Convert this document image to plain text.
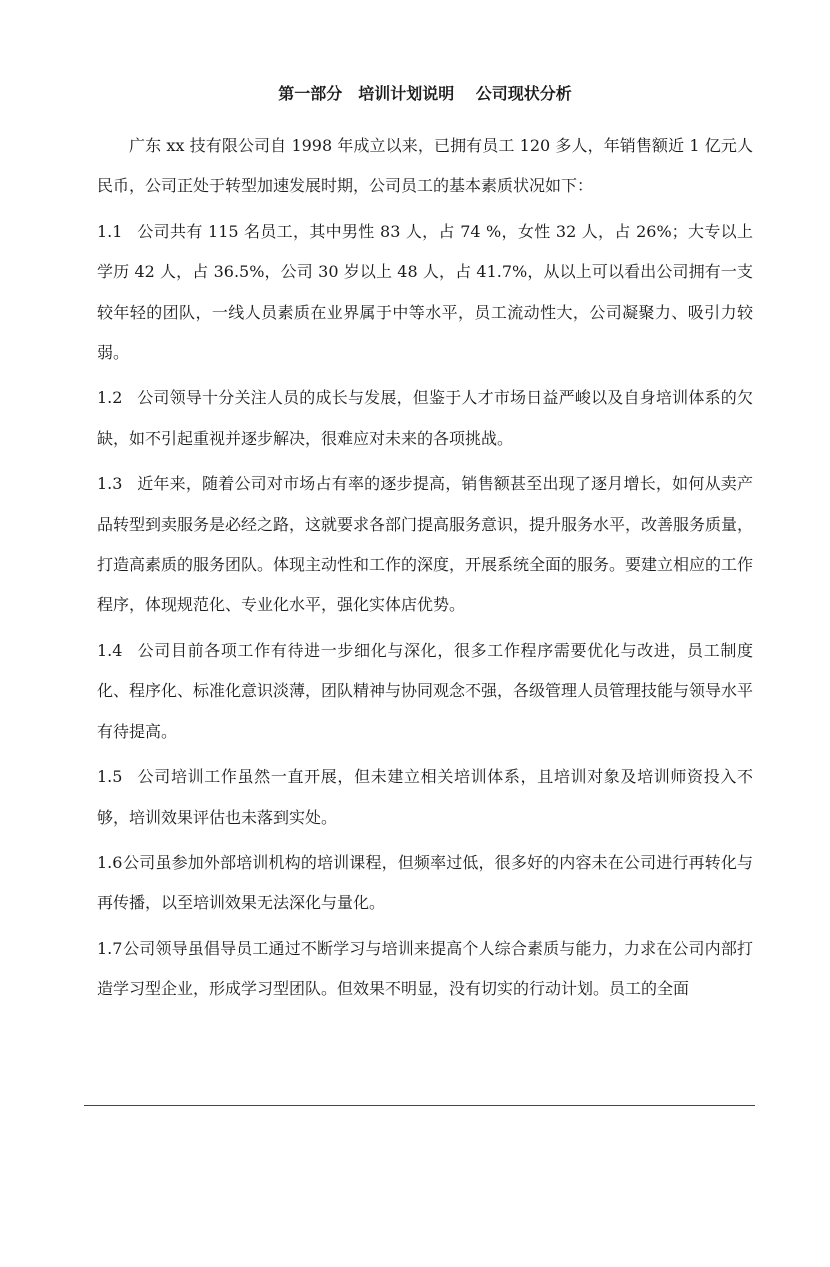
第一部分　培训计划说明　 公司现状分析

广东 xx 技有限公司自 1998 年成立以来，已拥有员工 120 多人，年销售额近 1 亿元人民币，公司正处于转型加速发展时期，公司员工的基本素质状况如下：

1.1 公司共有 115 名员工，其中男性 83 人，占 74 %，女性 32 人，占 26%；大专以上学历 42 人，占 36.5%，公司 30 岁以上 48 人，占 41.7%，从以上可以看出公司拥有一支较年轻的团队，一线人员素质在业界属于中等水平，员工流动性大，公司凝聚力、吸引力较弱。

1.2 公司领导十分关注人员的成长与发展，但鉴于人才市场日益严峻以及自身培训体系的欠缺，如不引起重视并逐步解决，很难应对未来的各项挑战。

1.3 近年来，随着公司对市场占有率的逐步提高，销售额甚至出现了逐月增长，如何从卖产品转型到卖服务是必经之路，这就要求各部门提高服务意识，提升服务水平，改善服务质量，打造高素质的服务团队。体现主动性和工作的深度，开展系统全面的服务。要建立相应的工作程序，体现规范化、专业化水平，强化实体店优势。

1.4 公司目前各项工作有待进一步细化与深化，很多工作程序需要优化与改进，员工制度化、程序化、标准化意识淡薄，团队精神与协同观念不强，各级管理人员管理技能与领导水平有待提高。

1.5 公司培训工作虽然一直开展，但未建立相关培训体系，且培训对象及培训师资投入不够，培训效果评估也未落到实处。

1.6公司虽参加外部培训机构的培训课程，但频率过低，很多好的内容未在公司进行再转化与再传播，以至培训效果无法深化与量化。

1.7公司领导虽倡导员工通过不断学习与培训来提高个人综合素质与能力，力求在公司内部打造学习型企业，形成学习型团队。但效果不明显，没有切实的行动计划。员工的全面
